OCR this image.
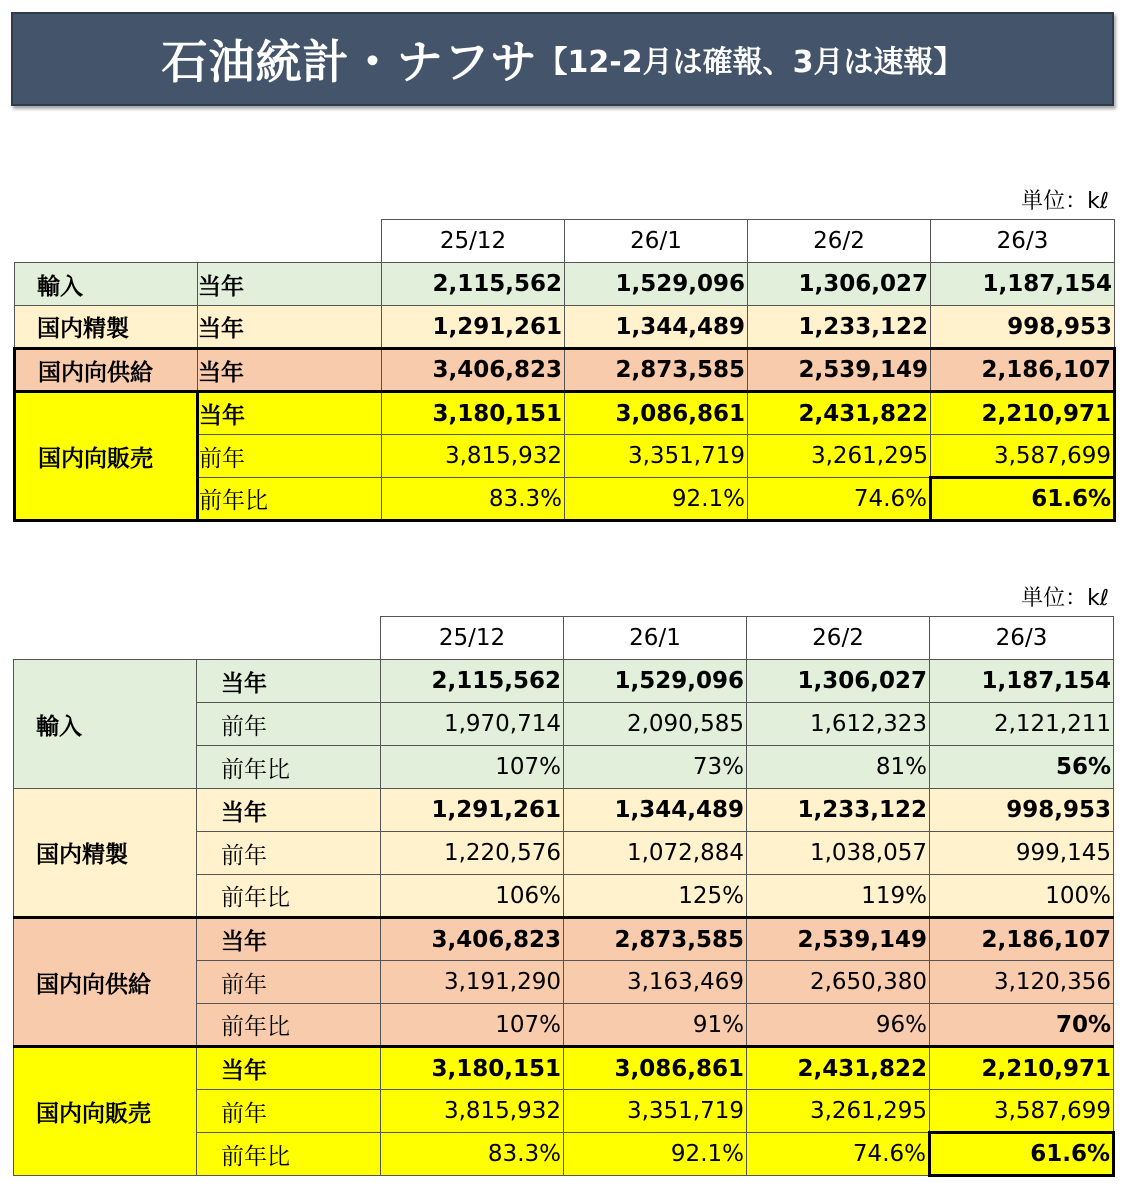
石油統計・ナフサ 【12-2月は確報、3月は速報】
単位：kℓ
		25/12	26/1	26/2	26/3
輸入	当年	2,115,562	1,529,096	1,306,027	1,187,154
国内精製	当年	1,291,261	1,344,489	1,233,122	998,953
国内向供給	当年	3,406,823	2,873,585	2,539,149	2,186,107
国内向販売	当年	3,180,151	3,086,861	2,431,822	2,210,971
	前年	3,815,932	3,351,719	3,261,295	3,587,699
	前年比	83.3%	92.1%	74.6%	61.6%
単位：kℓ
		25/12	26/1	26/2	26/3
輸入	当年	2,115,562	1,529,096	1,306,027	1,187,154
	前年	1,970,714	2,090,585	1,612,323	2,121,211
	前年比	107%	73%	81%	56%
国内精製	当年	1,291,261	1,344,489	1,233,122	998,953
	前年	1,220,576	1,072,884	1,038,057	999,145
	前年比	106%	125%	119%	100%
国内向供給	当年	3,406,823	2,873,585	2,539,149	2,186,107
	前年	3,191,290	3,163,469	2,650,380	3,120,356
	前年比	107%	91%	96%	70%
国内向販売	当年	3,180,151	3,086,861	2,431,822	2,210,971
	前年	3,815,932	3,351,719	3,261,295	3,587,699
	前年比	83.3%	92.1%	74.6%	61.6%
